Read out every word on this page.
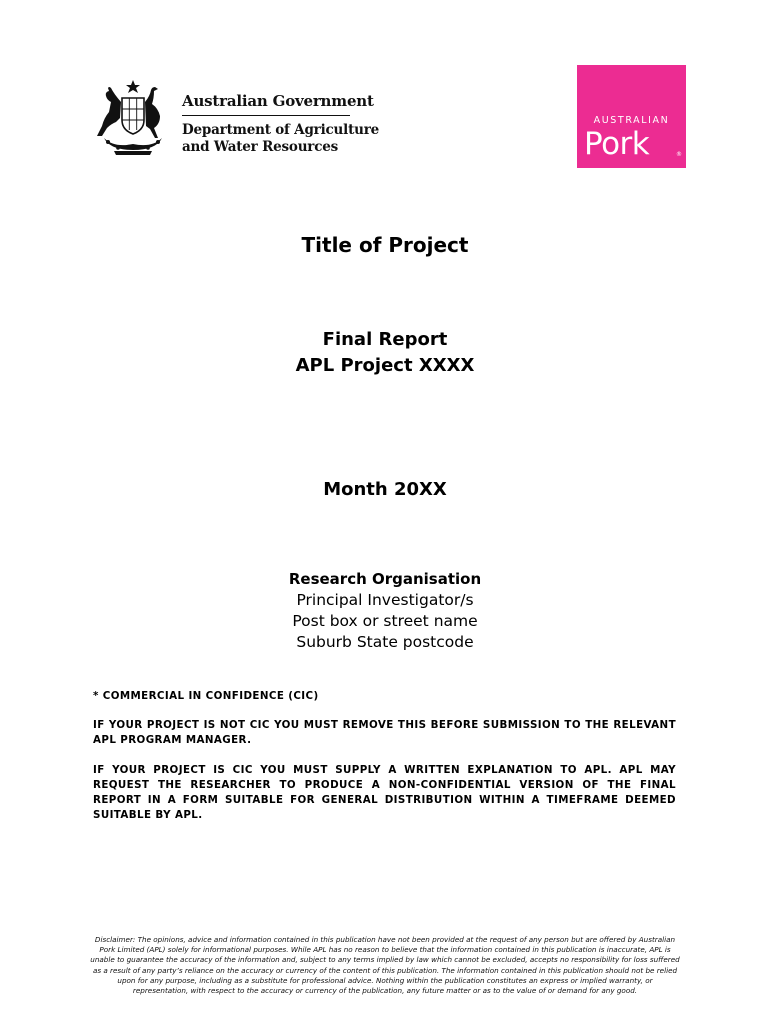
Australian Government
Department of Agriculture
and Water Resources
AUSTRALIAN
Pork	®
Title of Project
Final Report
APL Project XXXX
Month 20XX
Research Organisation
Principal Investigator/s
Post box or street name
Suburb State postcode
* COMMERCIAL IN CONFIDENCE (CIC)
IF YOUR PROJECT IS NOT CIC YOU MUST REMOVE THIS BEFORE SUBMISSION TO THE RELEVANT APL PROGRAM MANAGER.
IF YOUR PROJECT IS CIC YOU MUST SUPPLY A WRITTEN EXPLANATION TO APL. APL MAY REQUEST THE RESEARCHER TO PRODUCE A NON-CONFIDENTIAL VERSION OF THE FINAL REPORT IN A FORM SUITABLE FOR GENERAL DISTRIBUTION WITHIN A TIMEFRAME DEEMED SUITABLE BY APL.
Disclaimer: The opinions, advice and information contained in this publication have not been provided at the request of any person but are offered by Australian Pork Limited (APL) solely for informational purposes. While APL has no reason to believe that the information contained in this publication is inaccurate, APL is unable to guarantee the accuracy of the information and, subject to any terms implied by law which cannot be excluded, accepts no responsibility for loss suffered as a result of any party’s reliance on the accuracy or currency of the content of this publication. The information contained in this publication should not be relied upon for any purpose, including as a substitute for professional advice. Nothing within the publication constitutes an express or implied warranty, or representation, with respect to the accuracy or currency of the publication, any future matter or as to the value of or demand for any good.
